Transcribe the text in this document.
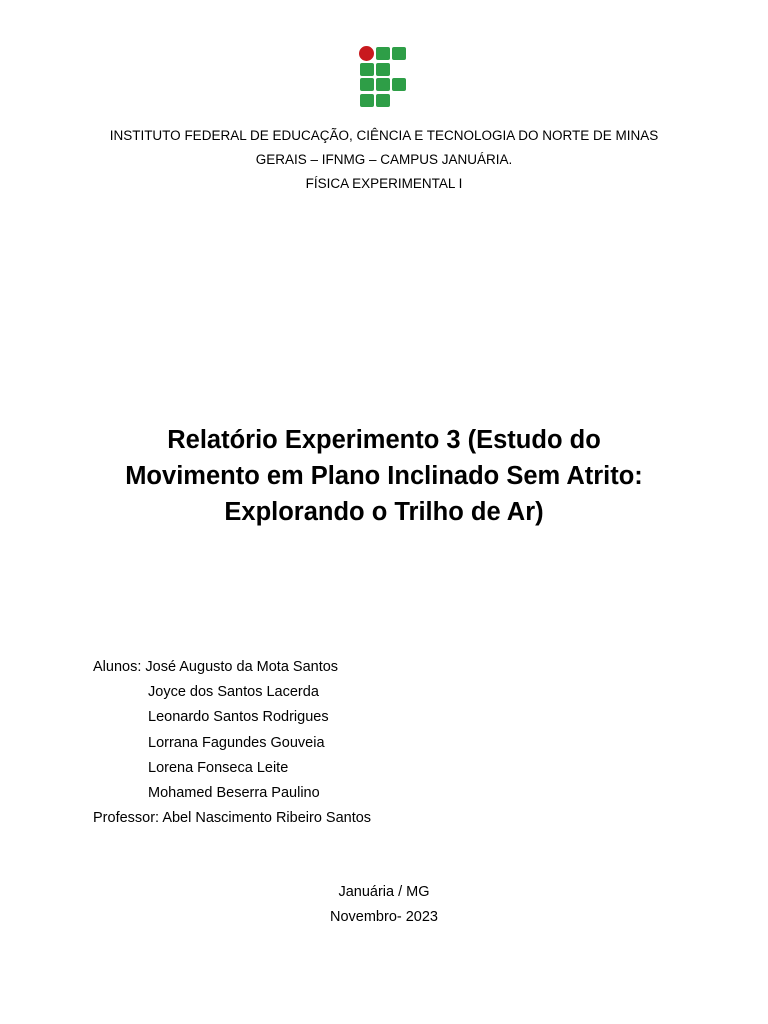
INSTITUTO FEDERAL DE EDUCAÇÃO, CIÊNCIA E TECNOLOGIA DO NORTE DE MINAS
GERAIS – IFNMG – CAMPUS JANUÁRIA.
FÍSICA EXPERIMENTAL I
Relatório Experimento 3 (Estudo do
Movimento em Plano Inclinado Sem Atrito:
Explorando o Trilho de Ar)
Alunos: José Augusto da Mota Santos
Joyce dos Santos Lacerda
Leonardo Santos Rodrigues
Lorrana Fagundes Gouveia
Lorena Fonseca Leite
Mohamed Beserra Paulino
Professor: Abel Nascimento Ribeiro Santos
Januária / MG
Novembro- 2023
